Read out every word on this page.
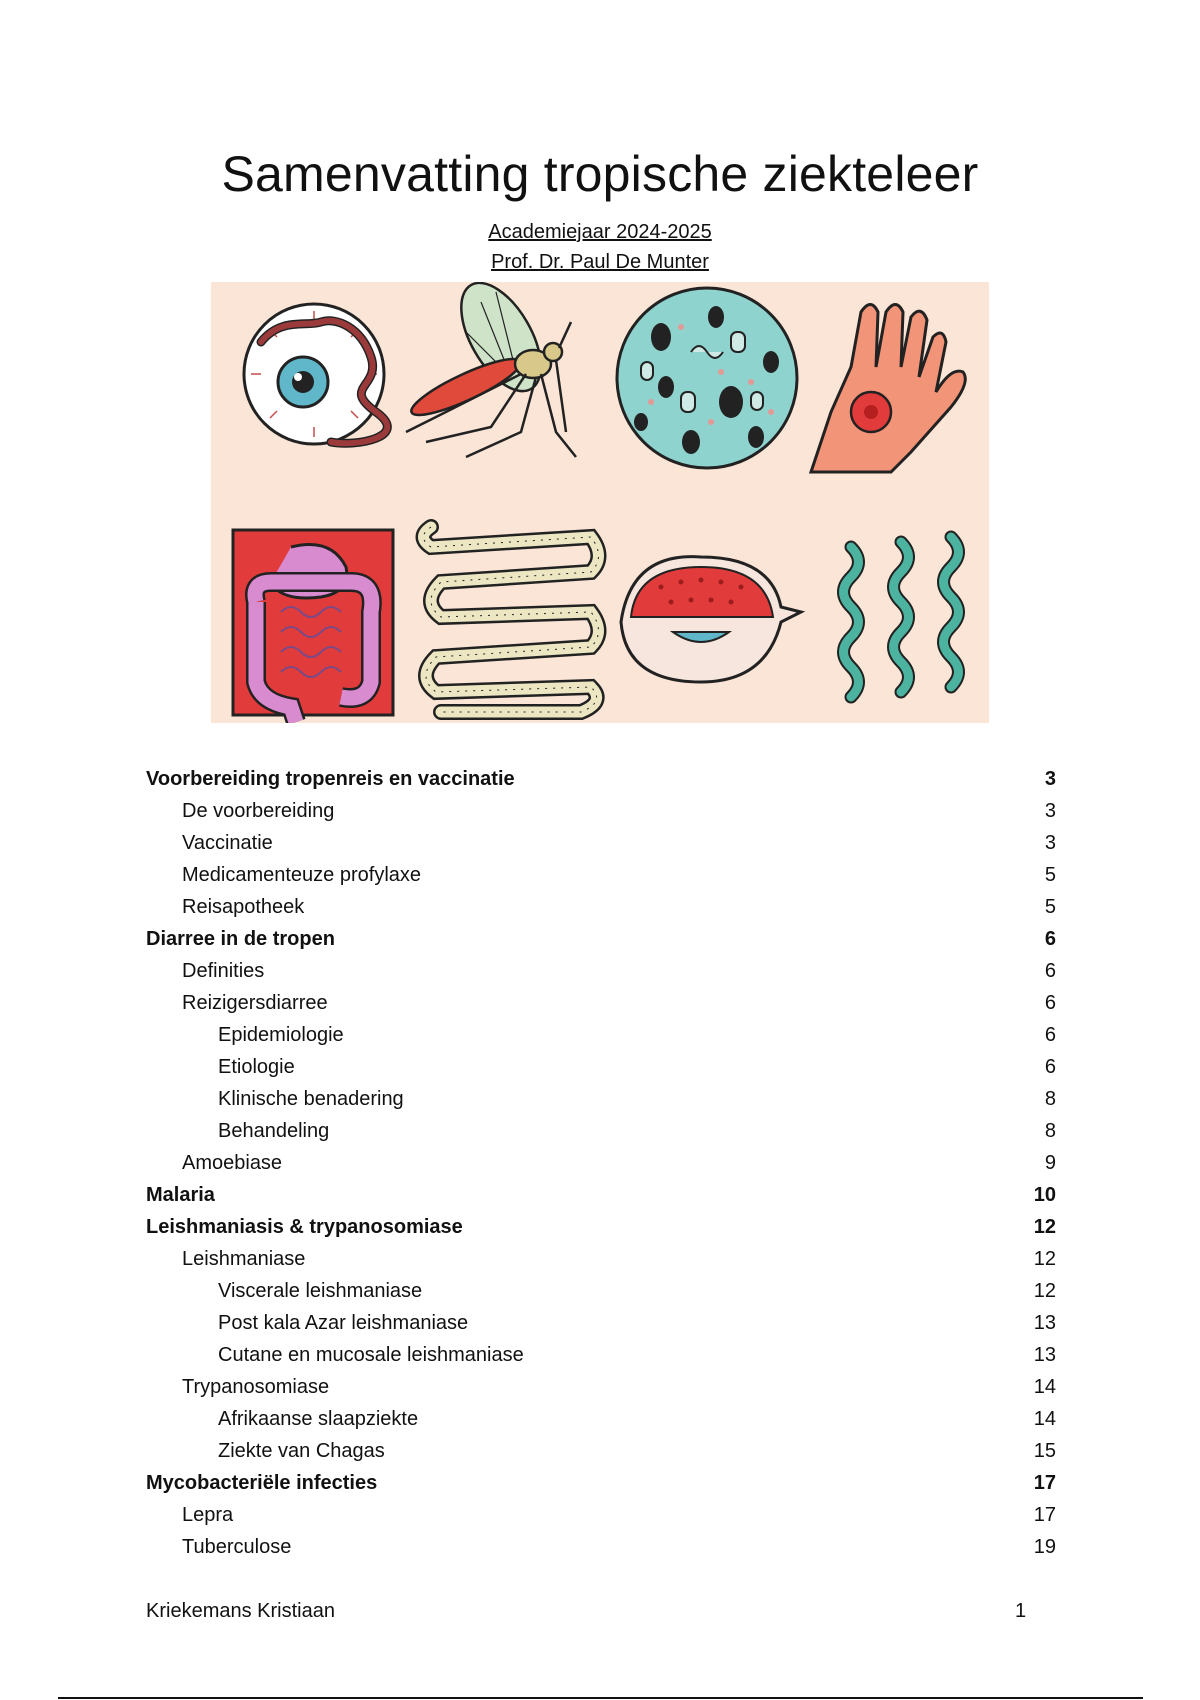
Samenvatting tropische ziekteleer
Academiejaar 2024-2025
Prof. Dr. Paul De Munter
Voorbereiding tropenreis en vaccinatie	3
De voorbereiding	3
Vaccinatie	3
Medicamenteuze profylaxe	5
Reisapotheek	5
Diarree in de tropen	6
Definities	6
Reizigersdiarree	6
Epidemiologie	6
Etiologie	6
Klinische benadering	8
Behandeling	8
Amoebiase	9
Malaria	10
Leishmaniasis & trypanosomiase	12
Leishmaniase	12
Viscerale leishmaniase	12
Post kala Azar leishmaniase	13
Cutane en mucosale leishmaniase	13
Trypanosomiase	14
Afrikaanse slaapziekte	14
Ziekte van Chagas	15
Mycobacteriële infecties	17
Lepra	17
Tuberculose	19
Kriekemans Kristiaan	1
